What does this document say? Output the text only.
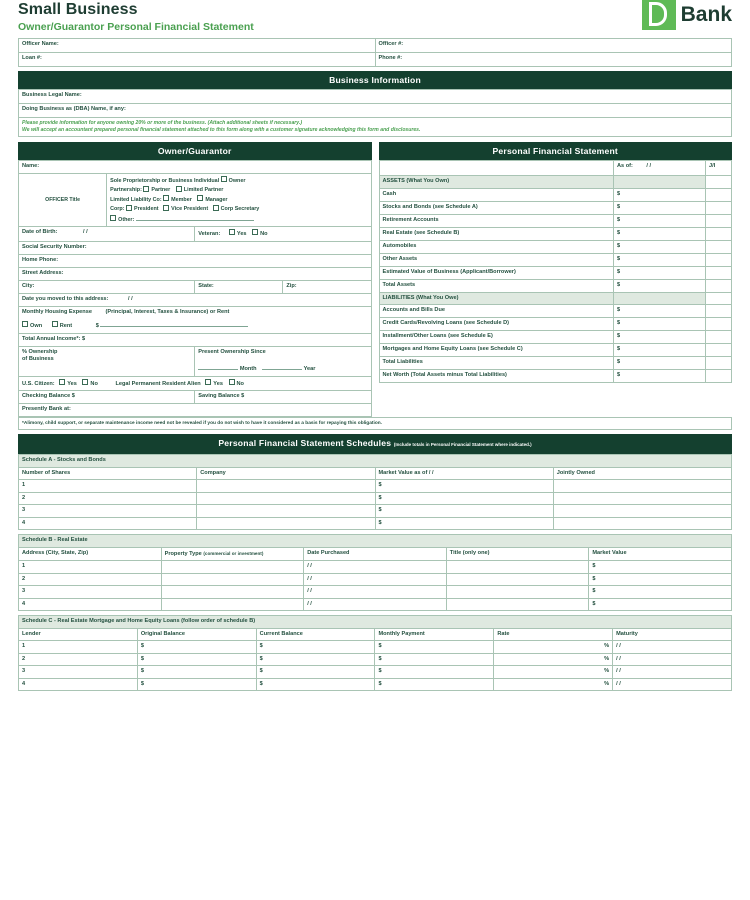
Small Business
Owner/Guarantor Personal Financial Statement
Bank
Officer Name:	Officer #:
Loan #:	Phone #:
Business Information
Business Legal Name:
Doing Business as (DBA) Name, if any:

Please provide information for anyone owning 20% or more of the business. (Attach additional sheets if necessary.)
We will accept an accountant prepared personal financial statement attached to this form along with a customer signature acknowledging this form and disclosures.
Owner/Guarantor
Name:			

OFFICER Title	Sole Proprietorship or Business Individual Owner
Partnership: Partner Limited Partner
Limited Liability Co: Member Manager
Corp: President Vice President Corp Secretary
Other:		

Date of Birth: / /		Veteran: Yes No	
Social Security Number:			
Home Phone:			
Street Address:			
City:		State:	Zip:
Date you moved to this address: / /			

Monthly Housing Expense (Principal, Interest, Taxes & Insurance) or Rent
Own Rent $			

Total Annual Income*: $			

% Ownership
of Business

Present Ownership Since
Month	Year

U.S. Citizen: Yes No Legal Permanent Resident Alien Yes No			
Checking Balance $		Saving Balance $	
Presently Bank at:			
Personal Financial Statement
	As of: / /	J/I
ASSETS (What You Own)		
Cash	$	
Stocks and Bonds (see Schedule A)	$	
Retirement Accounts	$	
Real Estate (see Schedule B)	$	
Automobiles	$	
Other Assets	$	
Estimated Value of Business (Applicant/Borrower)	$	
Total Assets	$	
LIABILITIES (What You Owe)		
Accounts and Bills Due	$	
Credit Cards/Revolving Loans (see Schedule D)	$	
Installment/Other Loans (see Schedule E)	$	
Mortgages and Home Equity Loans (see Schedule C)	$	
Total Liabilities	$	
Net Worth (Total Assets minus Total Liabilities)	$	
*Alimony, child support, or separate maintenance income need not be revealed if you do not wish to have it considered as a basis for repaying this obligation.
Personal Financial Statement Schedules (Include totals in Personal Financial Statement where indicated.)
Schedule A - Stocks and Bonds			
Number of Shares	Company	Market Value as of / /	Jointly Owned
1		$	
2		$	
3		$	
4		$	
Schedule B - Real Estate				
Address (City, State, Zip)	Property Type (commercial or investment)	Date Purchased	Title (only one)	Market Value
1		/ /		$
2		/ /		$
3		/ /		$
4		/ /		$
Schedule C - Real Estate Mortgage and Home Equity Loans (follow order of schedule B)					
Lender	Original Balance	Current Balance	Monthly Payment	Rate	Maturity
1	$	$	$	%	/ /
2	$	$	$	%	/ /
3	$	$	$	%	/ /
4	$	$	$	%	/ /
